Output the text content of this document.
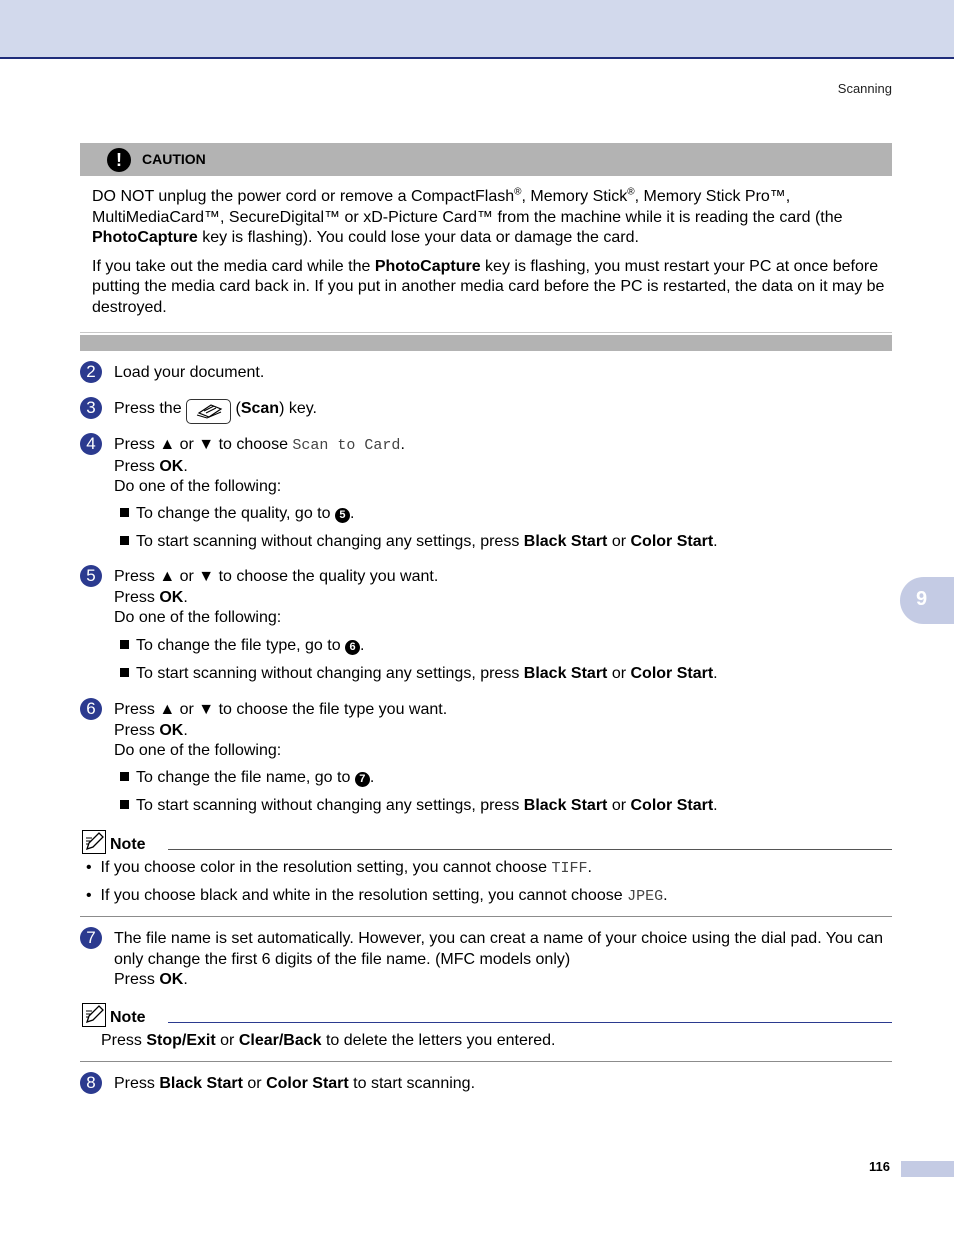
Scanning
9
!	CAUTION

DO NOT unplug the power cord or remove a CompactFlash®, Memory Stick®, Memory Stick Pro™, MultiMediaCard™, SecureDigital™ or xD-Picture Card™ from the machine while it is reading the card (the PhotoCapture key is flashing). You could lose your data or damage the card.

If you take out the media card while the PhotoCapture key is flashing, you must restart your PC at once before putting the media card back in. If you put in another media card before the PC is restarted, the data on it may be destroyed.

2	Load your document.
3	Press the	(Scan) key.
4	Press ▲ or ▼ to choose Scan to Card.
Press OK.
Do one of the following:
To change the quality, go to 5 .
To start scanning without changing any settings, press Black Start or Color Start.
5	Press ▲ or ▼ to choose the quality you want.
Press OK.
Do one of the following:
To change the file type, go to 6 .
To start scanning without changing any settings, press Black Start or Color Start.
6	Press ▲ or ▼ to choose the file type you want.
Press OK.
Do one of the following:
To change the file name, go to 7 .
To start scanning without changing any settings, press Black Start or Color Start.
Note
• If you choose color in the resolution setting, you cannot choose TIFF.
• If you choose black and white in the resolution setting, you cannot choose JPEG.
7	The file name is set automatically. However, you can creat a name of your choice using the dial pad. You can only change the first 6 digits of the file name. (MFC models only)
Press OK.
Note
Press Stop/Exit or Clear/Back to delete the letters you entered.
8	Press Black Start or Color Start to start scanning.
116
